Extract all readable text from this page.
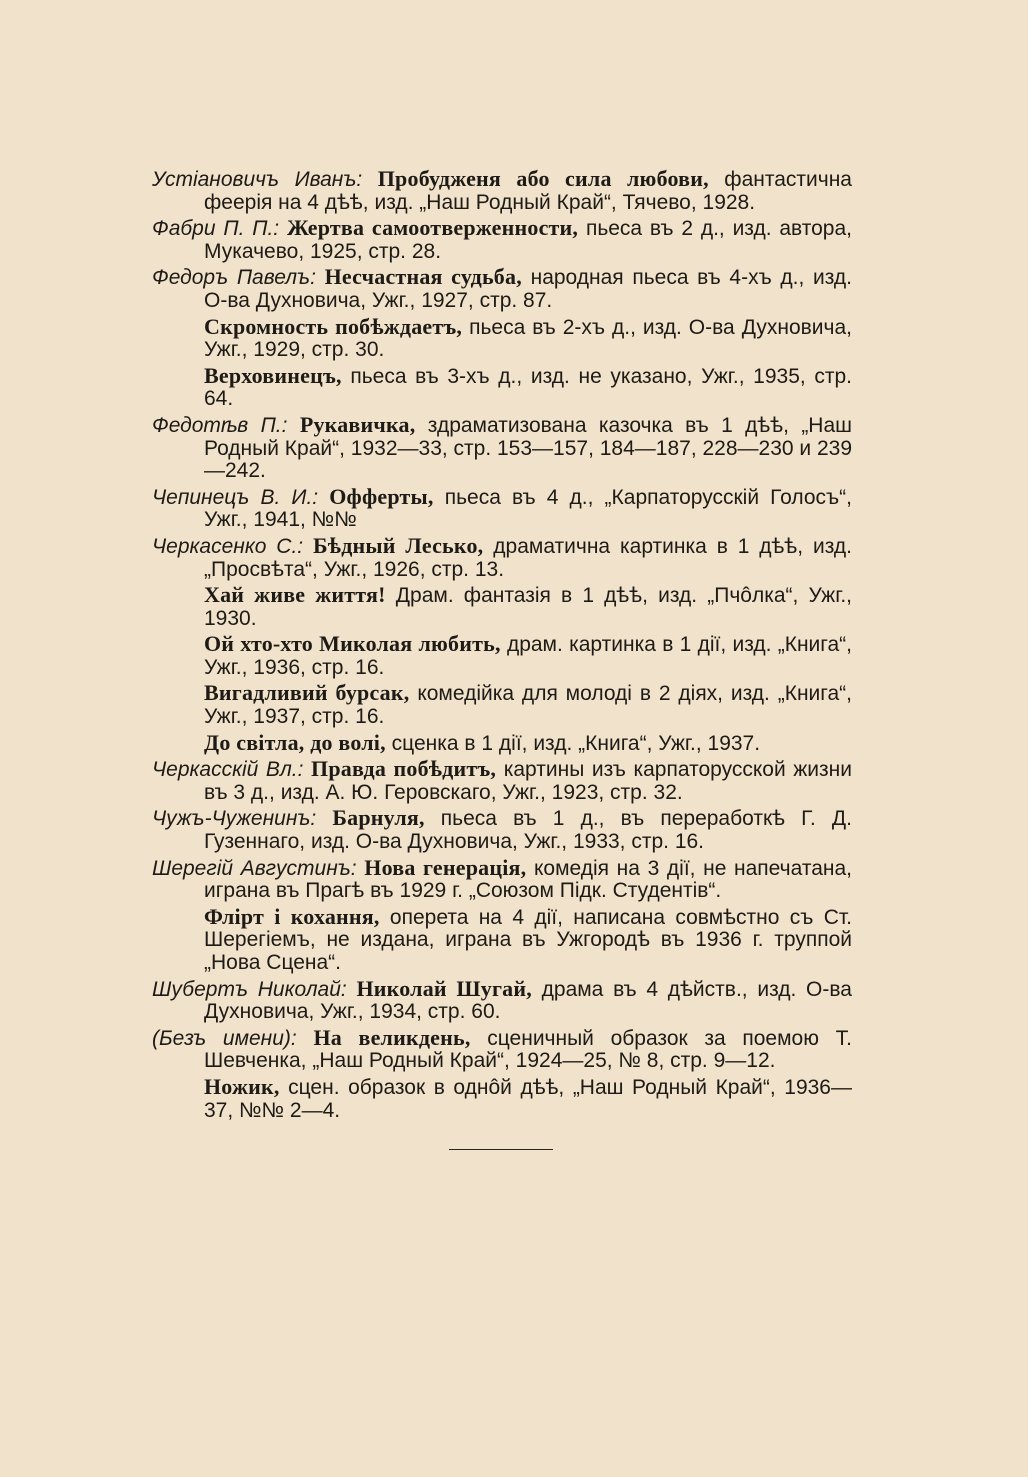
Устiановичъ Иванъ: Пробудженя або сила любови, фантастична феерiя на 4 дѣѣ, изд. „Наш Родный Край“, Тячево, 1928.

Фабри П. П.: Жертва самоотверженности, пьеса въ 2 д., изд. автора, Мукачево, 1925, стр. 28.

Федоръ Павелъ: Несчастная судьба, народная пьеса въ 4-хъ д., изд. О-ва Духновича, Ужг., 1927, стр. 87.

Скромность побѣждаетъ, пьеса въ 2-хъ д., изд. О-ва Духновича, Ужг., 1929, стр. 30.

Верховинецъ, пьеса въ 3-хъ д., изд. не указано, Ужг., 1935, стр. 64.

Федотѣв П.: Рукавичка, здраматизована казочка въ 1 дѣѣ, „Наш Родный Край“, 1932—33, стр. 153—157, 184—187, 228—230 и 239—242.

Чепинецъ В. И.: Офферты, пьеса въ 4 д., „Карпаторусскiй Голосъ“, Ужг., 1941, №№

Черкасенко С.: Бѣдный Лесько, драматична картинка в 1 дѣѣ, изд. „Просвѣта“, Ужг., 1926, стр. 13.

Хай живе життя! Драм. фантазiя в 1 дѣѣ, изд. „Пчôлка“, Ужг., 1930.

Ой хто-хто Миколая любить, драм. картинка в 1 дiї, изд. „Книга“, Ужг., 1936, стр. 16.

Вигадливий бурсак, комедiйка для молодi в 2 дiях, изд. „Книга“, Ужг., 1937, стр. 16.

До свiтла, до волi, сценка в 1 дiї, изд. „Книга“, Ужг., 1937.

Черкасскiй Вл.: Правда побѣдитъ, картины изъ карпаторусской жизни въ 3 д., изд. А. Ю. Геровскаго, Ужг., 1923, стр. 32.

Чужъ-Чуженинъ: Барнуля, пьеса въ 1 д., въ переработкѣ Г. Д. Гузеннаго, изд. О-ва Духновича, Ужг., 1933, стр. 16.

Шерегiй Августинъ: Нова генерацiя, комедiя на 3 дiї, не напечатана, играна въ Прагѣ въ 1929 г. „Союзом Пiдк. Студентiв“.

Флiрт i кохання, оперета на 4 дiї, написана совмѣстно съ Ст. Шерегiемъ, не издана, играна въ Ужгородѣ въ 1936 г. труппой „Нова Сцена“.

Шубертъ Николай: Николай Шугай, драма въ 4 дѣйств., изд. О-ва Духновича, Ужг., 1934, стр. 60.

(Безъ имени): На великдень, сценичный образок за поемою Т. Шевченка, „Наш Родный Край“, 1924—25, № 8, стр. 9—12.

Ножик, сцен. образок в однôй дѣѣ, „Наш Родный Край“, 1936—37, №№ 2—4.
